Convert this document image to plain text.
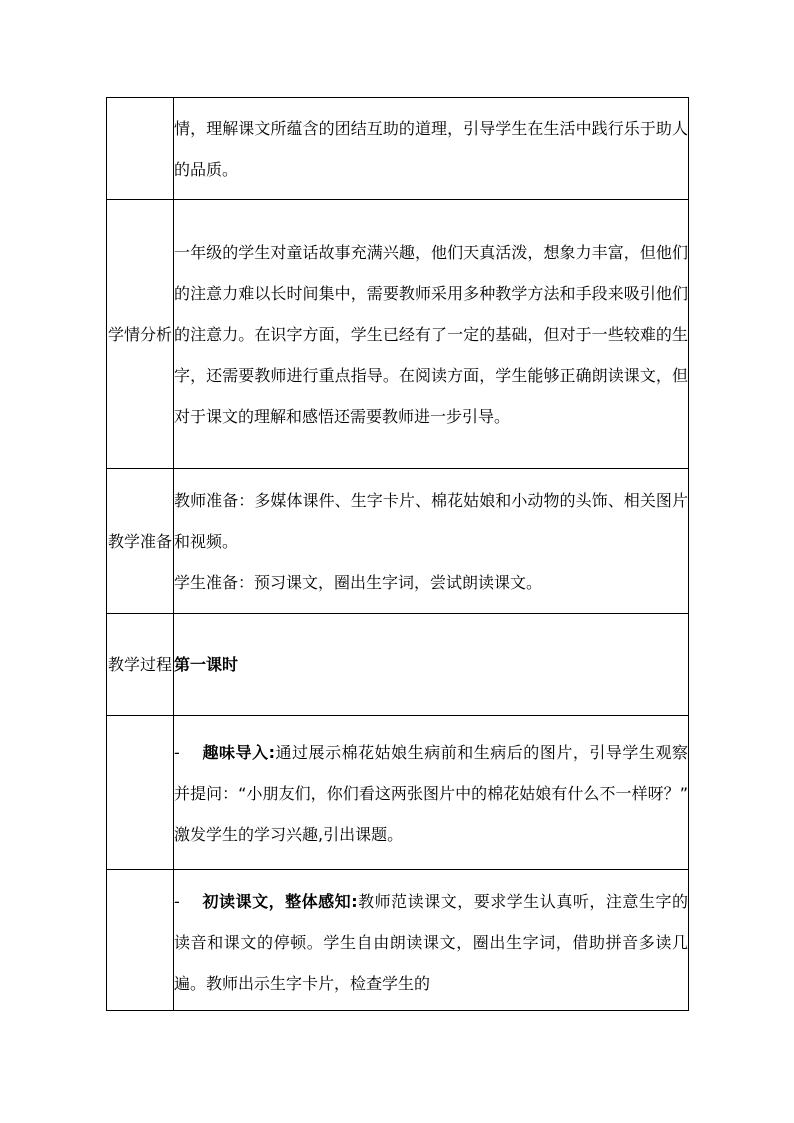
	情，理解课文所蕴含的团结互助的道理，引导学生在生活中践行乐于助人的品质。

学情分析	一年级的学生对童话故事充满兴趣，他们天真活泼，想象力丰富，但他们的注意力难以长时间集中，需要教师采用多种教学方法和手段来吸引他们的注意力。在识字方面，学生已经有了一定的基础，但对于一些较难的生字，还需要教师进行重点指导。在阅读方面，学生能够正确朗读课文，但对于课文的理解和感悟还需要教师进一步引导。

教学准备	教师准备：多媒体课件、生字卡片、棉花姑娘和小动物的头饰、相关图片和视频。

学生准备：预习课文，圈出生字词，尝试朗读课文。

教学过程	第一课时

	- 趣味导入:通过展示棉花姑娘生病前和生病后的图片，引导学生观察并提问：“小朋友们，你们看这两张图片中的棉花姑娘有什么不一样呀？” 激发学生的学习兴趣,引出课题。

	- 初读课文，整体感知:教师范读课文，要求学生认真听，注意生字的读音和课文的停顿。学生自由朗读课文，圈出生字词，借助拼音多读几遍。教师出示生字卡片，检查学生的
